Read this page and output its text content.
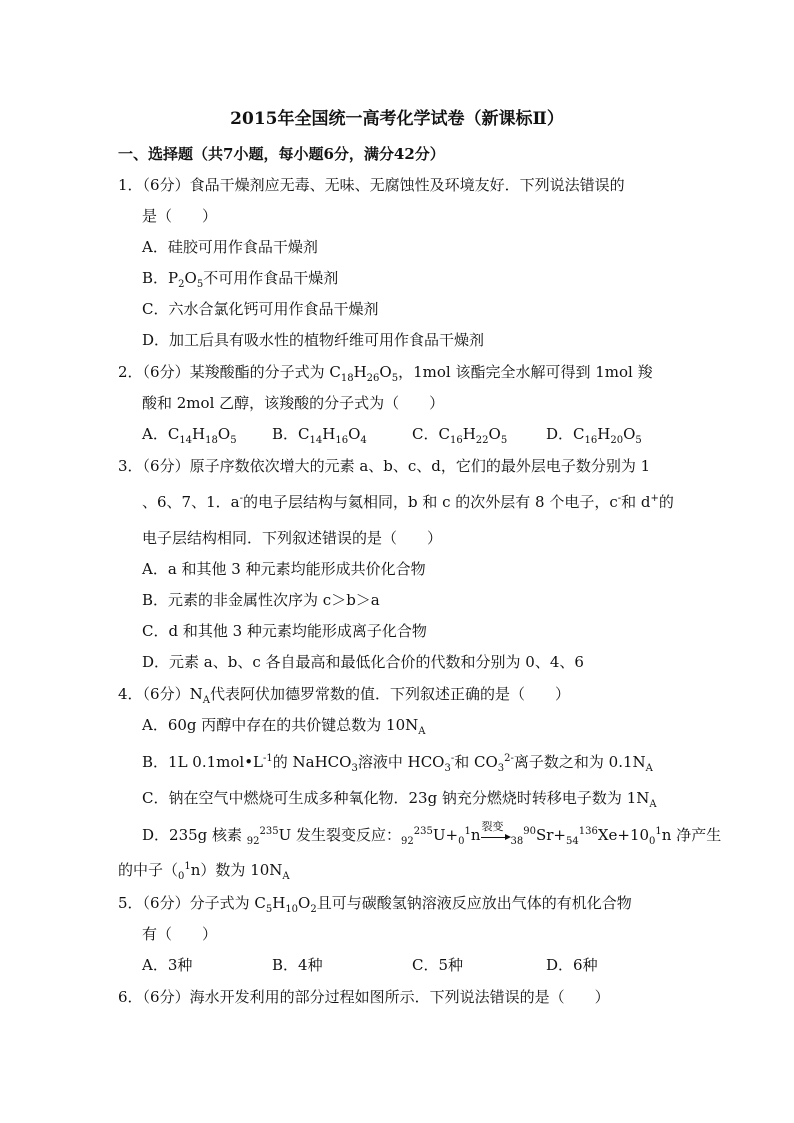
2015年全国统一高考化学试卷（新课标Ⅱ）
一、选择题（共7小题，每小题6分，满分42分）
1．（6分）食品干燥剂应无毒、无味、无腐蚀性及环境友好．下列说法错误的
是（　　）
A．硅胶可用作食品干燥剂
B．$P_2O_5$不可用作食品干燥剂
C．六水合氯化钙可用作食品干燥剂
D．加工后具有吸水性的植物纤维可用作食品干燥剂
2．（6分）某羧酸酯的分子式为 $C_{18}H_{26}O_5$，1mol 该酯完全水解可得到 1mol 羧
酸和 2mol 乙醇，该羧酸的分子式为（　　）
A．$C_{14}H_{18}O_5$ B．$C_{14}H_{16}O_4$	C．$C_{16}H_{22}O_5$	D．$C_{16}H_{20}O_5$
3．（6分）原子序数依次增大的元素 a、b、c、d，它们的最外层电子数分别为 1
、6、7、1．a-的电子层结构与氦相同，b 和 c 的次外层有 8 个电子，c-和 d+的
电子层结构相同．下列叙述错误的是（　　）
A．a 和其他 3 种元素均能形成共价化合物
B．元素的非金属性次序为 c＞b＞a
C．d 和其他 3 种元素均能形成离子化合物
D．元素 a、b、c 各自最高和最低化合价的代数和分别为 0、4、6
4．（6分）$N_A$代表阿伏加德罗常数的值．下列叙述正确的是（　　）
A．60g 丙醇中存在的共价键总数为 $10N_A$
B．1L $0.1mol•L^{-1}$的 NaHCO$_3$溶液中 $HCO_3^-$和 $CO_3^{2-}$离子数之和为 $0.1N_A$
C．钠在空气中燃烧可生成多种氧化物．23g 钠充分燃烧时转移电子数为 $1N_A$
D．235g 核素 $_{92}^{235}$U 发生裂变反应：$_{92}^{235}U+_0^1n$ 裂变
$_{38}^{90}Sr+_{54}^{136}Xe+10_0^1n$ 净产生
的中子$(_0^1n)$数为 $10N_A$
5．（6分）分子式为 $C_5H_{10}O_2$且可与碳酸氢钠溶液反应放出气体的有机化合物
有（　　）
A．3种	B．4种	C．5种	D．6种
6．（6分）海水开发利用的部分过程如图所示．下列说法错误的是（　　）
